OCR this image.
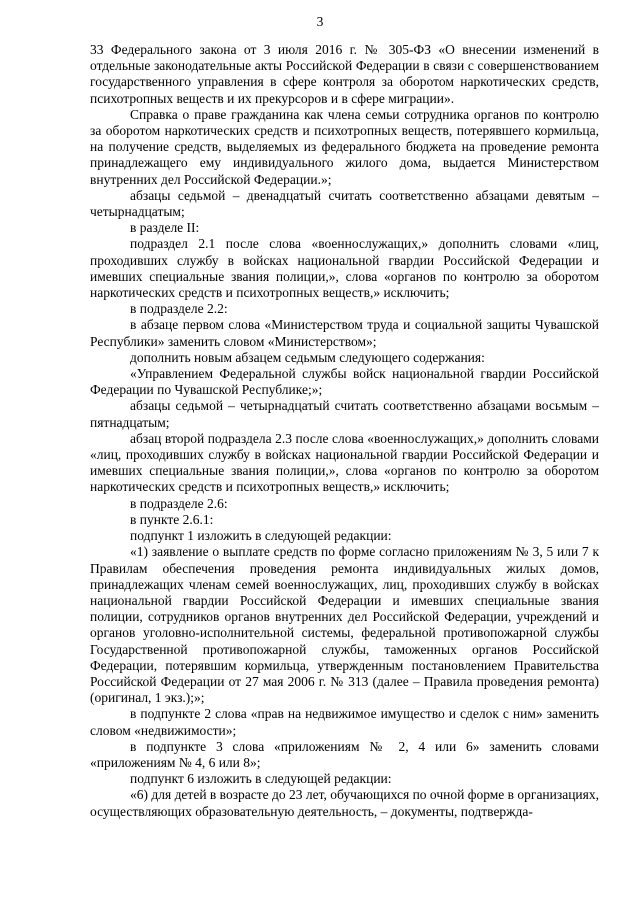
3

33 Федерального закона от 3 июля 2016 г. № 305-ФЗ «О внесении изменений в отдельные законодательные акты Российской Федерации в связи с совершенствованием государственного управления в сфере контроля за оборотом наркотических средств, психотропных веществ и их прекурсоров и в сфере миграции».

Справка о праве гражданина как члена семьи сотрудника органов по контролю за оборотом наркотических средств и психотропных веществ, потерявшего кормильца, на получение средств, выделяемых из федерального бюджета на проведение ремонта принадлежащего ему индивидуального жилого дома, выдается Министерством внутренних дел Российской Федерации.»;

абзацы седьмой – двенадцатый считать соответственно абзацами девятым – четырнадцатым;

в разделе II:

подраздел 2.1 после слова «военнослужащих,» дополнить словами «лиц, проходивших службу в войсках национальной гвардии Российской Федерации и имевших специальные звания полиции,», слова «органов по контролю за оборотом наркотических средств и психотропных веществ,» исключить;

в подразделе 2.2:

в абзаце первом слова «Министерством труда и социальной защиты Чувашской Республики» заменить словом «Министерством»;

дополнить новым абзацем седьмым следующего содержания:

«Управлением Федеральной службы войск национальной гвардии Российской Федерации по Чувашской Республике;»;

абзацы седьмой – четырнадцатый считать соответственно абзацами восьмым – пятнадцатым;

абзац второй подраздела 2.3 после слова «военнослужащих,» дополнить словами «лиц, проходивших службу в войсках национальной гвардии Российской Федерации и имевших специальные звания полиции,», слова «органов по контролю за оборотом наркотических средств и психотропных веществ,» исключить;

в подразделе 2.6:

в пункте 2.6.1:

подпункт 1 изложить в следующей редакции:

«1) заявление о выплате средств по форме согласно приложениям № 3, 5 или 7 к Правилам обеспечения проведения ремонта индивидуальных жилых домов, принадлежащих членам семей военнослужащих, лиц, проходивших службу в войсках национальной гвардии Российской Федерации и имевших специальные звания полиции, сотрудников органов внутренних дел Российской Федерации, учреждений и органов уголовно-исполнительной системы, федеральной противопожарной службы Государственной противопожарной службы, таможенных органов Российской Федерации, потерявшим кормильца, утвержденным постановлением Правительства Российской Федерации от 27 мая 2006 г. № 313 (далее – Правила проведения ремонта) (оригинал, 1 экз.);»;

в подпункте 2 слова «прав на недвижимое имущество и сделок с ним» заменить словом «недвижимости»;

в подпункте 3 слова «приложениям № 2, 4 или 6» заменить словами «приложениям № 4, 6 или 8»;

подпункт 6 изложить в следующей редакции:

«6) для детей в возрасте до 23 лет, обучающихся по очной форме в организациях, осуществляющих образовательную деятельность, – документы, подтвержда-
